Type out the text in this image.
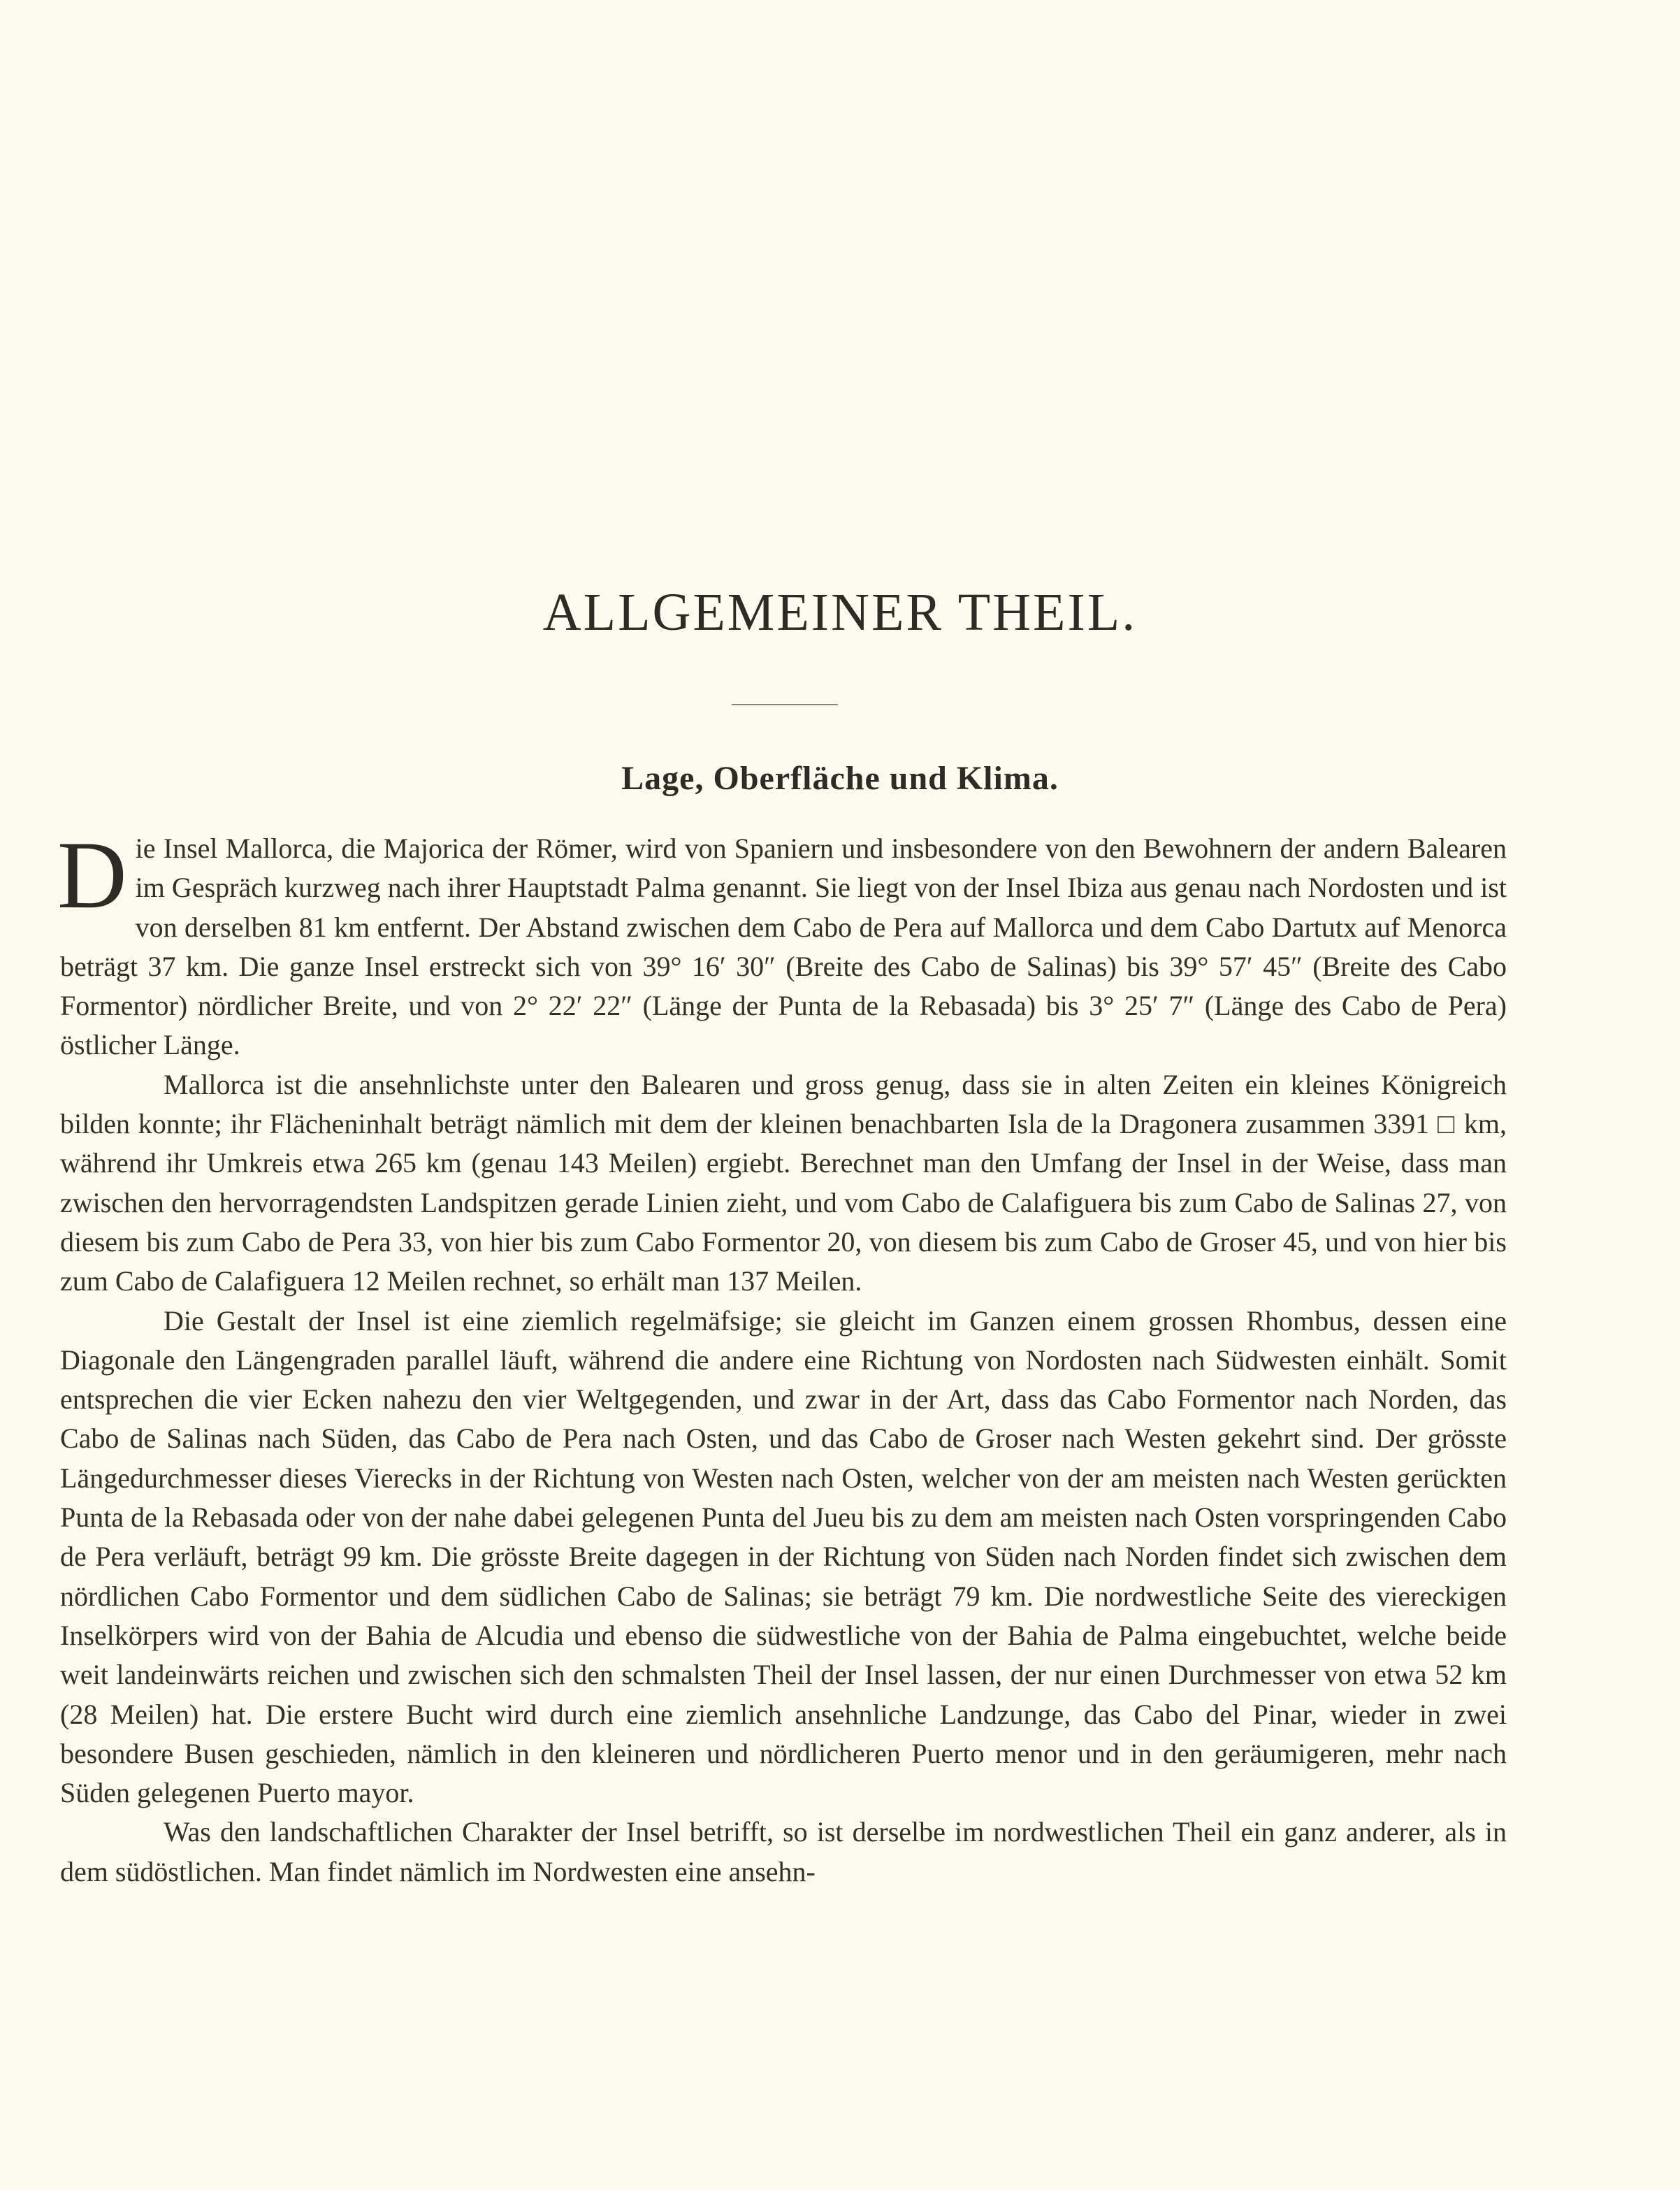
ALLGEMEINER THEIL.
Lage, Oberfläche und Klima.

Die Insel Mallorca, die Majorica der Römer, wird von Spaniern und insbesondere von den Bewohnern der andern Balearen im Gespräch kurzweg nach ihrer Hauptstadt Palma genannt. Sie liegt von der Insel Ibiza aus genau nach Nordosten und ist von derselben 81 km entfernt. Der Abstand zwischen dem Cabo de Pera auf Mallorca und dem Cabo Dartutx auf Menorca beträgt 37 km. Die ganze Insel erstreckt sich von 39° 16′ 30″ (Breite des Cabo de Salinas) bis 39° 57′ 45″ (Breite des Cabo Formentor) nördlicher Breite, und von 2° 22′ 22″ (Länge der Punta de la Rebasada) bis 3° 25′ 7″ (Länge des Cabo de Pera) östlicher Länge.

Mallorca ist die ansehnlichste unter den Balearen und gross genug, dass sie in alten Zeiten ein kleines Königreich bilden konnte; ihr Flächeninhalt beträgt nämlich mit dem der kleinen benachbarten Isla de la Dragonera zusammen 3391 □ km, während ihr Umkreis etwa 265 km (genau 143 Meilen) ergiebt. Berechnet man den Umfang der Insel in der Weise, dass man zwischen den hervorragendsten Landspitzen gerade Linien zieht, und vom Cabo de Calafiguera bis zum Cabo de Salinas 27, von diesem bis zum Cabo de Pera 33, von hier bis zum Cabo Formentor 20, von diesem bis zum Cabo de Groser 45, und von hier bis zum Cabo de Calafiguera 12 Meilen rechnet, so erhält man 137 Meilen.

Die Gestalt der Insel ist eine ziemlich regelmäfsige; sie gleicht im Ganzen einem grossen Rhombus, dessen eine Diagonale den Längengraden parallel läuft, während die andere eine Richtung von Nordosten nach Südwesten einhält. Somit entsprechen die vier Ecken nahezu den vier Weltgegenden, und zwar in der Art, dass das Cabo Formentor nach Norden, das Cabo de Salinas nach Süden, das Cabo de Pera nach Osten, und das Cabo de Groser nach Westen gekehrt sind. Der grösste Längedurchmesser dieses Vierecks in der Richtung von Westen nach Osten, welcher von der am meisten nach Westen gerückten Punta de la Rebasada oder von der nahe dabei gelegenen Punta del Jueu bis zu dem am meisten nach Osten vorspringenden Cabo de Pera verläuft, beträgt 99 km. Die grösste Breite dagegen in der Richtung von Süden nach Norden findet sich zwischen dem nördlichen Cabo Formentor und dem südlichen Cabo de Salinas; sie beträgt 79 km. Die nordwestliche Seite des viereckigen Inselkörpers wird von der Bahia de Alcudia und ebenso die südwestliche von der Bahia de Palma eingebuchtet, welche beide weit landeinwärts reichen und zwischen sich den schmalsten Theil der Insel lassen, der nur einen Durchmesser von etwa 52 km (28 Meilen) hat. Die erstere Bucht wird durch eine ziemlich ansehnliche Landzunge, das Cabo del Pinar, wieder in zwei besondere Busen geschieden, nämlich in den kleineren und nördlicheren Puerto menor und in den geräumigeren, mehr nach Süden gelegenen Puerto mayor.

Was den landschaftlichen Charakter der Insel betrifft, so ist derselbe im nordwestlichen Theil ein ganz anderer, als in dem südöstlichen. Man findet nämlich im Nordwesten eine ansehn-
